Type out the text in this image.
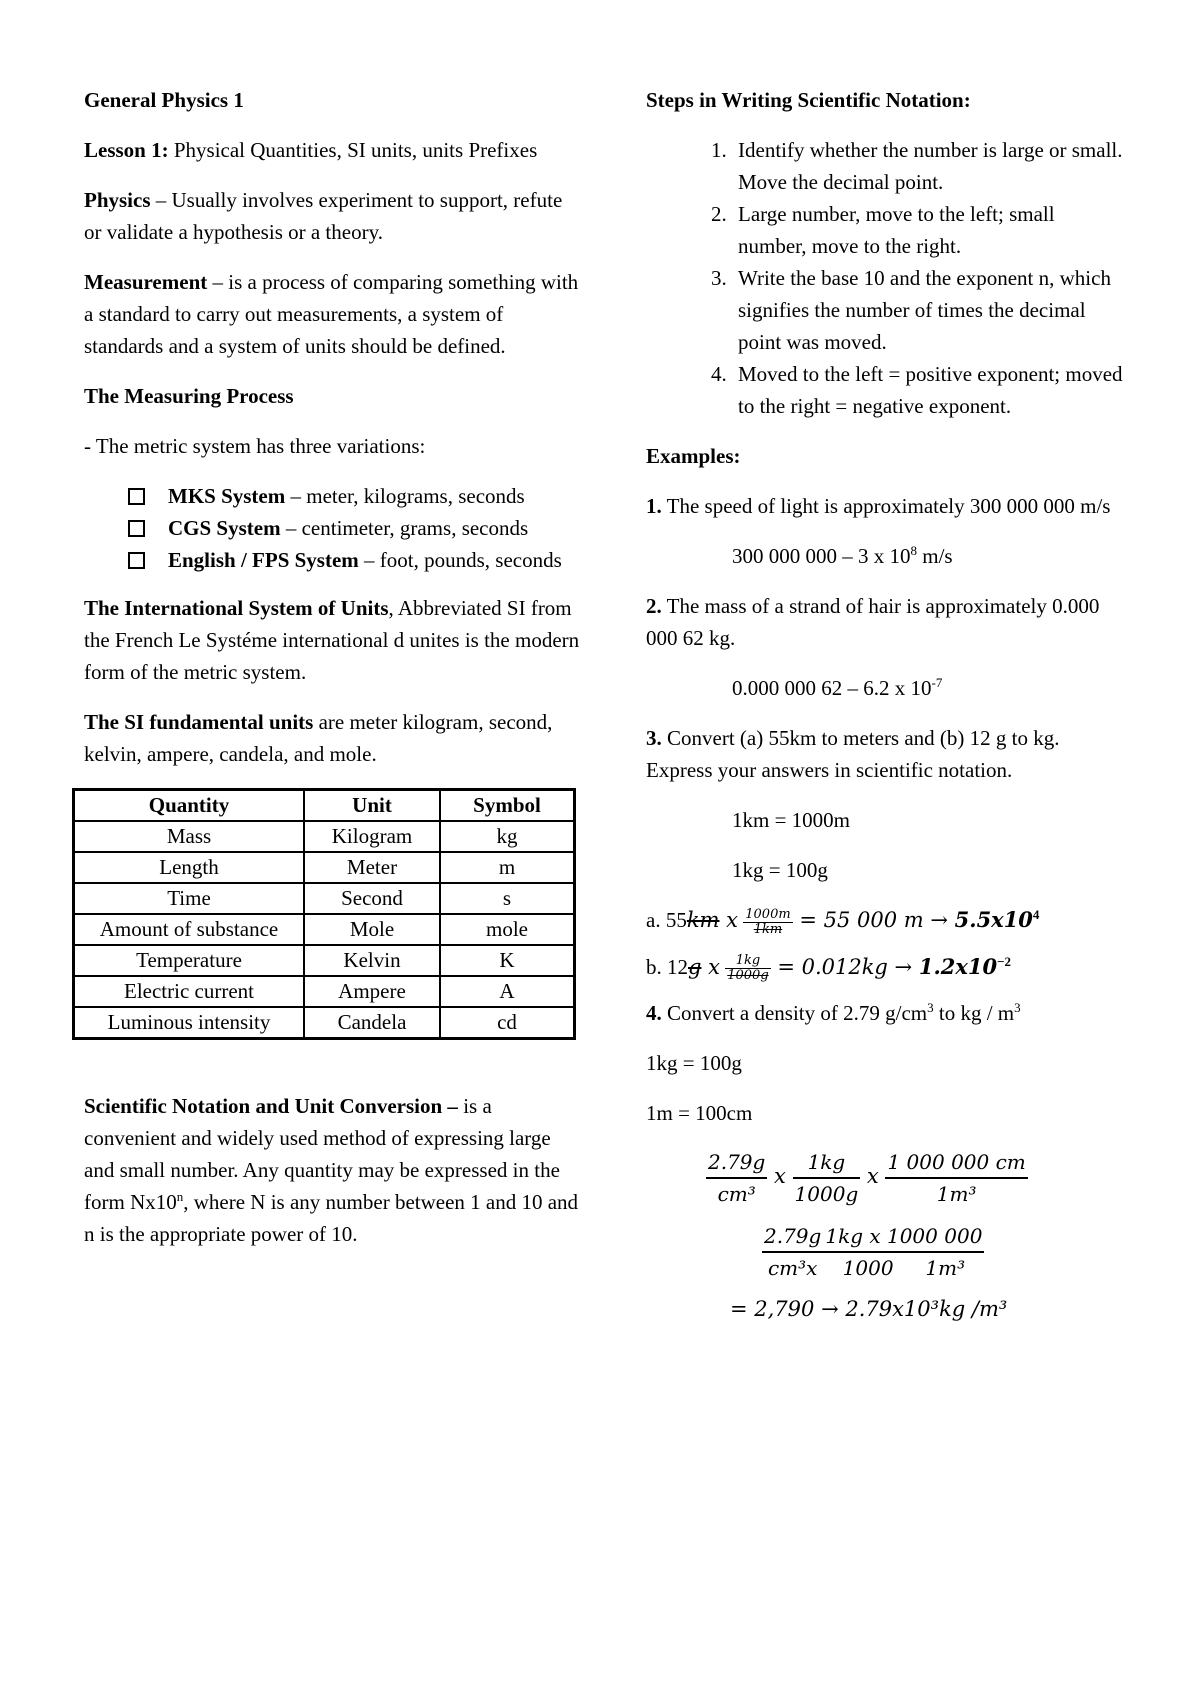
General Physics 1

Lesson 1: Physical Quantities, SI units, units Prefixes

Physics – Usually involves experiment to support, refute or validate a hypothesis or a theory.

Measurement – is a process of comparing something with a standard to carry out measurements, a system of standards and a system of units should be defined.

The Measuring Process

- The metric system has three variations:

MKS System – meter, kilograms, seconds
CGS System – centimeter, grams, seconds
English / FPS System – foot, pounds, seconds

The International System of Units, Abbreviated SI from the French Le Systéme international d unites is the modern form of the metric system.

The SI fundamental units are meter kilogram, second, kelvin, ampere, candela, and mole.

Quantity	Unit	Symbol
Mass	Kilogram	kg
Length	Meter	m
Time	Second	s
Amount of substance	Mole	mole
Temperature	Kelvin	K
Electric current	Ampere	A
Luminous intensity	Candela	cd

Scientific Notation and Unit Conversion – is a convenient and widely used method of expressing large and small number. Any quantity may be expressed in the form Nx10$^n$, where N is any number between 1 and 10 and n is the appropriate power of 10.

Steps in Writing Scientific Notation:

1. Identify whether the number is large or small. Move the decimal point.
2. Large number, move to the left; small number, move to the right.
3. Write the base 10 and the exponent n, which signifies the number of times the decimal point was moved.
4. Moved to the left = positive exponent; moved to the right = negative exponent.

Examples:

1. The speed of light is approximately 300 000 000 m/s

300 000 000 – 3 x $10^8$ m/s

2. The mass of a strand of hair is approximately 0.000 000 62 kg.

0.000 000 62 – 6.2 x $10^{-7}$

3. Convert (a) 55km to meters and (b) 12 g to kg. Express your answers in scientific notation.

1km = 1000m

1kg = 100g

a. 55km x $\frac{1000m}{1km} = 55$ 000 $m \to 5.5x10^4$
b. 12g x $\frac{1kg}{1000g} = 0.012kg \to 1.2x10^{-2}$

4. Convert a density of 2.79 $g/cm^3$ to kg / $m^3$

1kg = 100g

1m = 100cm

$\frac{2.79g}{\text{cm³}}$ x $\frac{1kg}{1000g}$ x $\frac{1 000 000 cm}{\text{1m³}}$
$\frac{2.79g}{\text{cm³x}} \frac{\text{1kg x 1000 000}}{\text{1000 1m³}}$

= 2,790 → 2.79x10³kg /m³
